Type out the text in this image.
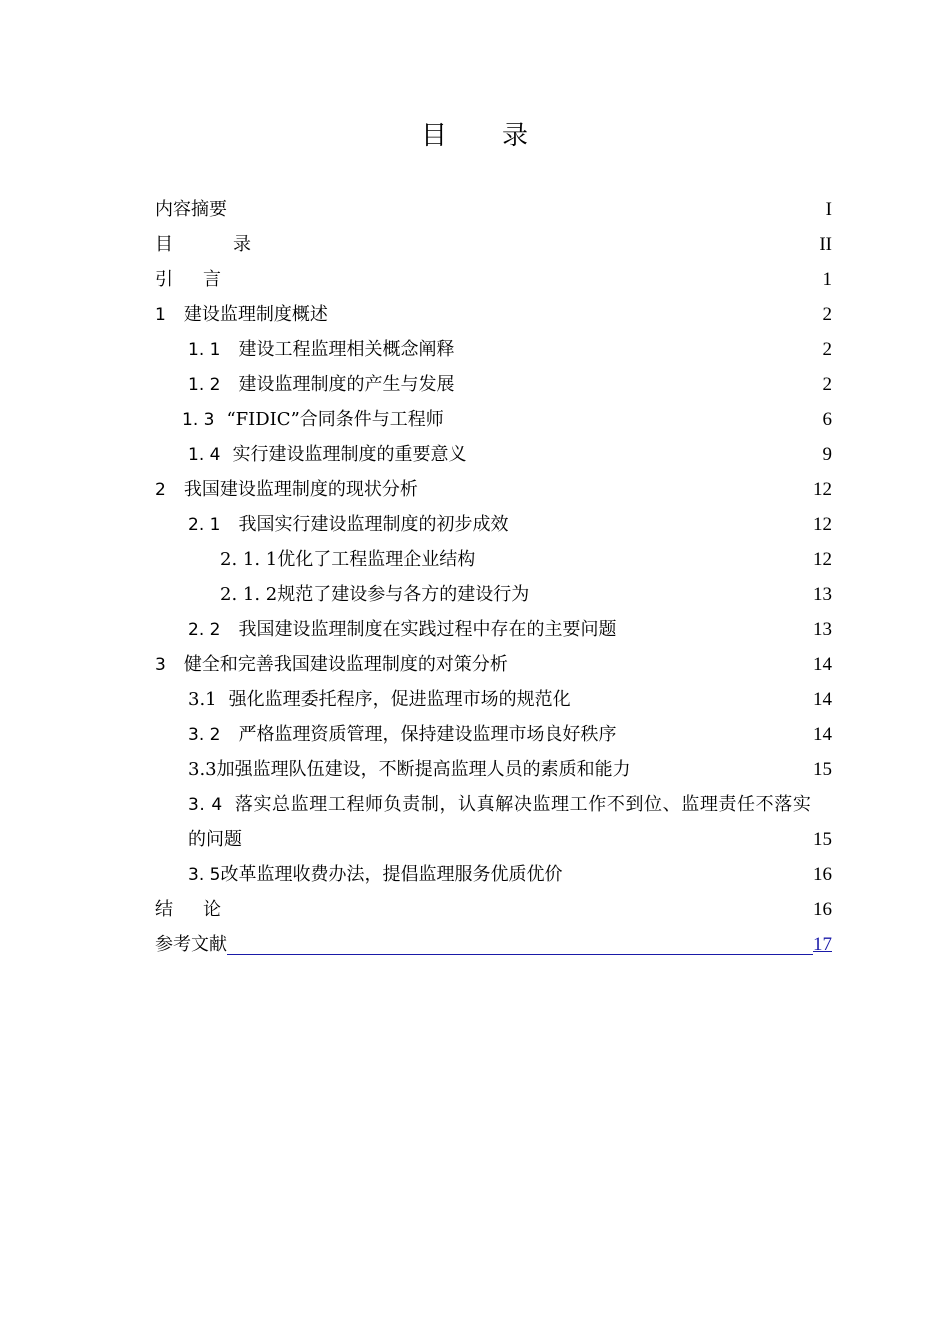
目 录
内容摘要	I
目	录	II
引 言	1
1 建设监理制度概述	2
1. 1 建设工程监理相关概念阐释	2
1. 2 建设监理制度的产生与发展	2
1. 3 “FIDIC”合同条件与工程师	6
1. 4 实行建设监理制度的重要意义	9
2 我国建设监理制度的现状分析	12
2. 1 我国实行建设监理制度的初步成效	12
2. 1. 1优化了工程监理企业结构	12
2. 1. 2规范了建设参与各方的建设行为	13
2. 2 我国建设监理制度在实践过程中存在的主要问题	13
3 健全和完善我国建设监理制度的对策分析	14
3.1 强化监理委托程序，促进监理市场的规范化	14
3. 2 严格监理资质管理，保持建设监理市场良好秩序	14
3.3加强监理队伍建设，不断提高监理人员的素质和能力	15
3. 4 落实总监理工程师负责制，认真解决监理工作不到位、监理责任不落实
的问题	15
3. 5改革监理收费办法，提倡监理服务优质优价	16
结 论	16
参考文献	17
